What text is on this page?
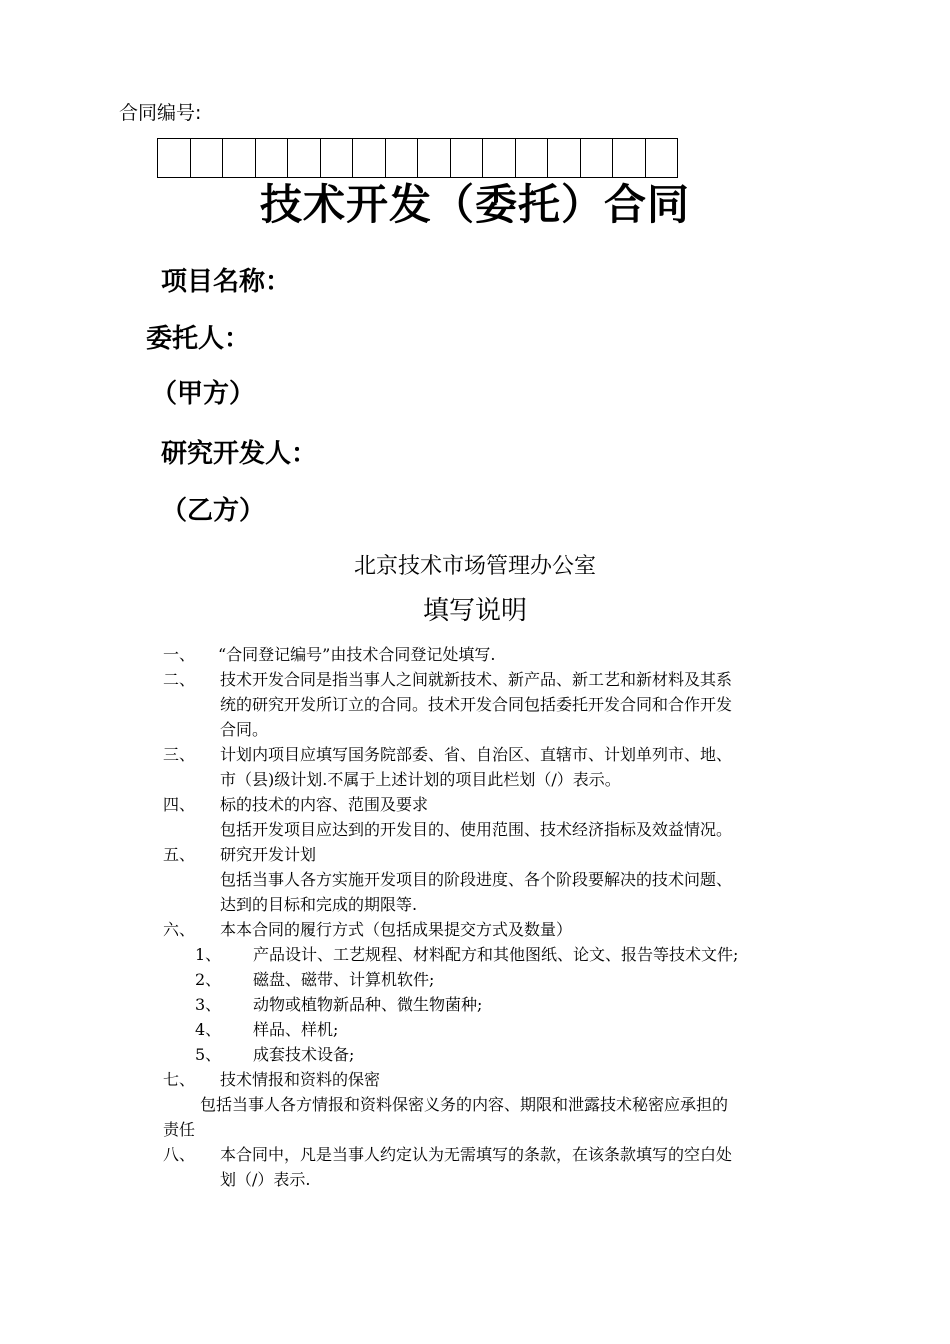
合同编号:
技术开发（委托）合同
项目名称：
委托人：
（甲方）
研究开发人：
（乙方）
北京技术市场管理办公室
填写说明
一、 “合同登记编号”由技术合同登记处填写.
二、 技术开发合同是指当事人之间就新技术、新产品、新工艺和新材料及其系
统的研究开发所订立的合同。技术开发合同包括委托开发合同和合作开发
合同。
三、 计划内项目应填写国务院部委、省、自治区、直辖市、计划单列市、地、
市（县)级计划.不属于上述计划的项目此栏划（/）表示。
四、 标的技术的内容、范围及要求
包括开发项目应达到的开发目的、使用范围、技术经济指标及效益情况。
五、 研究开发计划
包括当事人各方实施开发项目的阶段进度、各个阶段要解决的技术问题、
达到的目标和完成的期限等.
六、 本本合同的履行方式（包括成果提交方式及数量）
1、 产品设计、工艺规程、材料配方和其他图纸、论文、报告等技术文件;
2、 磁盘、磁带、计算机软件;
3、 动物或植物新品种、微生物菌种;
4、 样品、样机;
5、 成套技术设备;
七、 技术情报和资料的保密
包括当事人各方情报和资料保密义务的内容、期限和泄露技术秘密应承担的
责任
八、 本合同中，凡是当事人约定认为无需填写的条款，在该条款填写的空白处
划（/）表示.
